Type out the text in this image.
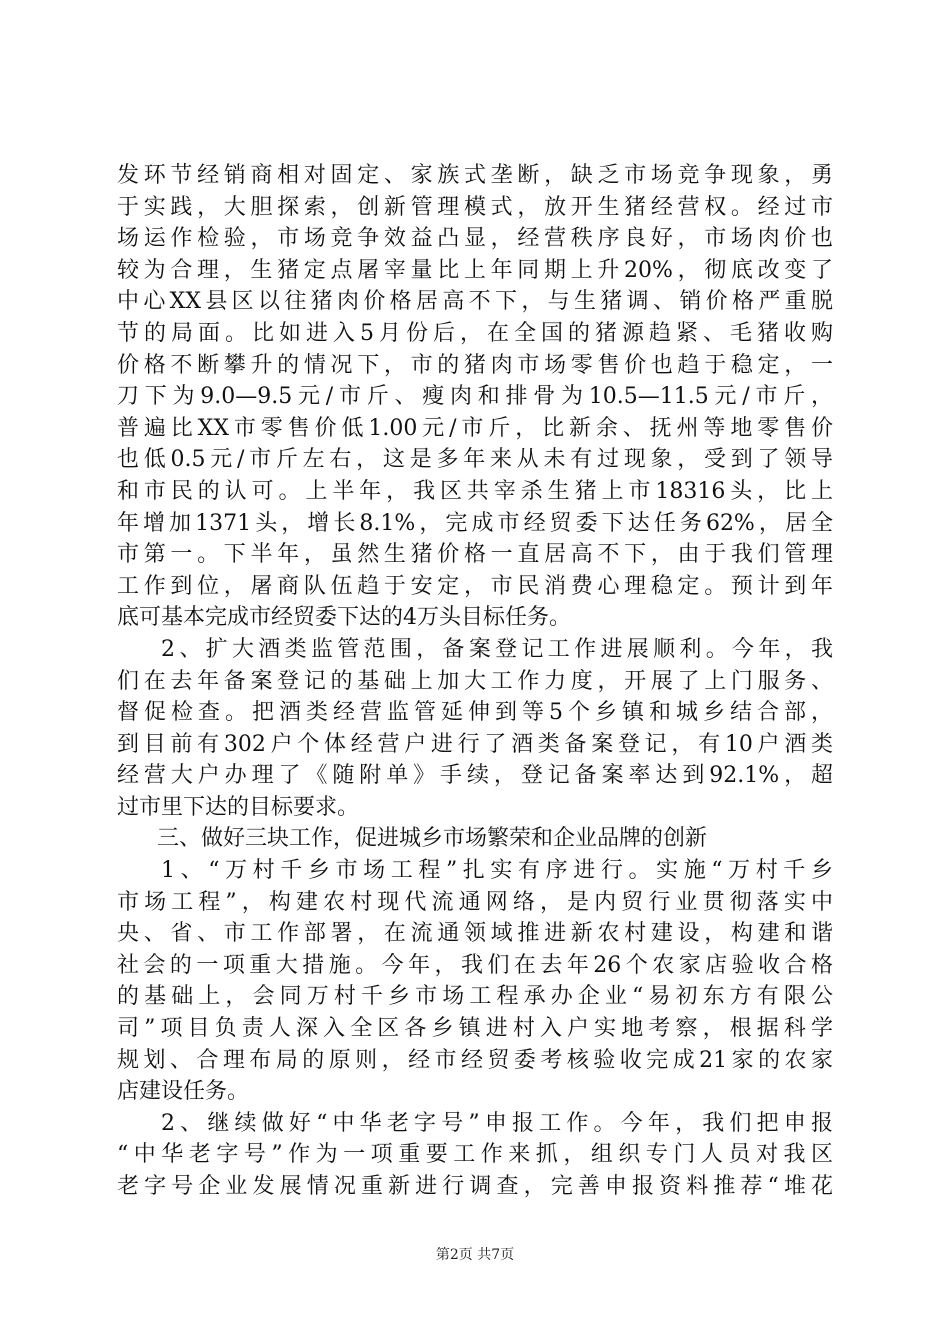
发环节经销商相对固定、家族式垄断，缺乏市场竞争现象，勇
于实践，大胆探索，创新管理模式，放开生猪经营权。经过市
场运作检验，市场竞争效益凸显，经营秩序良好，市场肉价也
较为合理，生猪定点屠宰量比上年同期上升20%，彻底改变了
中心XX县区以往猪肉价格居高不下，与生猪调、销价格严重脱
节的局面。比如进入5月份后，在全国的猪源趋紧、毛猪收购
价格不断攀升的情况下，市的猪肉市场零售价也趋于稳定，一
刀下为9.0—9.5元/市斤、瘦肉和排骨为10.5—11.5元/市斤，
普遍比XX市零售价低1.00元/市斤，比新余、抚州等地零售价
也低0.5元/市斤左右，这是多年来从未有过现象，受到了领导
和市民的认可。上半年，我区共宰杀生猪上市18316头，比上
年增加1371头，增长8.1%，完成市经贸委下达任务62%，居全
市第一。下半年，虽然生猪价格一直居高不下，由于我们管理
工作到位，屠商队伍趋于安定，市民消费心理稳定。预计到年
底可基本完成市经贸委下达的4万头目标任务。
2、扩大酒类监管范围，备案登记工作进展顺利。今年，我
们在去年备案登记的基础上加大工作力度，开展了上门服务、
督促检查。把酒类经营监管延伸到等5个乡镇和城乡结合部，
到目前有302户个体经营户进行了酒类备案登记，有10户酒类
经营大户办理了《随附单》手续，登记备案率达到92.1%，超
过市里下达的目标要求。
三、做好三块工作，促进城乡市场繁荣和企业品牌的创新
1、“万村千乡市场工程”扎实有序进行。实施“万村千乡
市场工程”，构建农村现代流通网络，是内贸行业贯彻落实中
央、省、市工作部署，在流通领域推进新农村建设，构建和谐
社会的一项重大措施。今年，我们在去年26个农家店验收合格
的基础上，会同万村千乡市场工程承办企业“易初东方有限公
司”项目负责人深入全区各乡镇进村入户实地考察，根据科学
规划、合理布局的原则，经市经贸委考核验收完成21家的农家
店建设任务。
2、继续做好“中华老字号”申报工作。今年，我们把申报
“中华老字号”作为一项重要工作来抓，组织专门人员对我区
老字号企业发展情况重新进行调查，完善申报资料推荐“堆花
第2页 共7页
